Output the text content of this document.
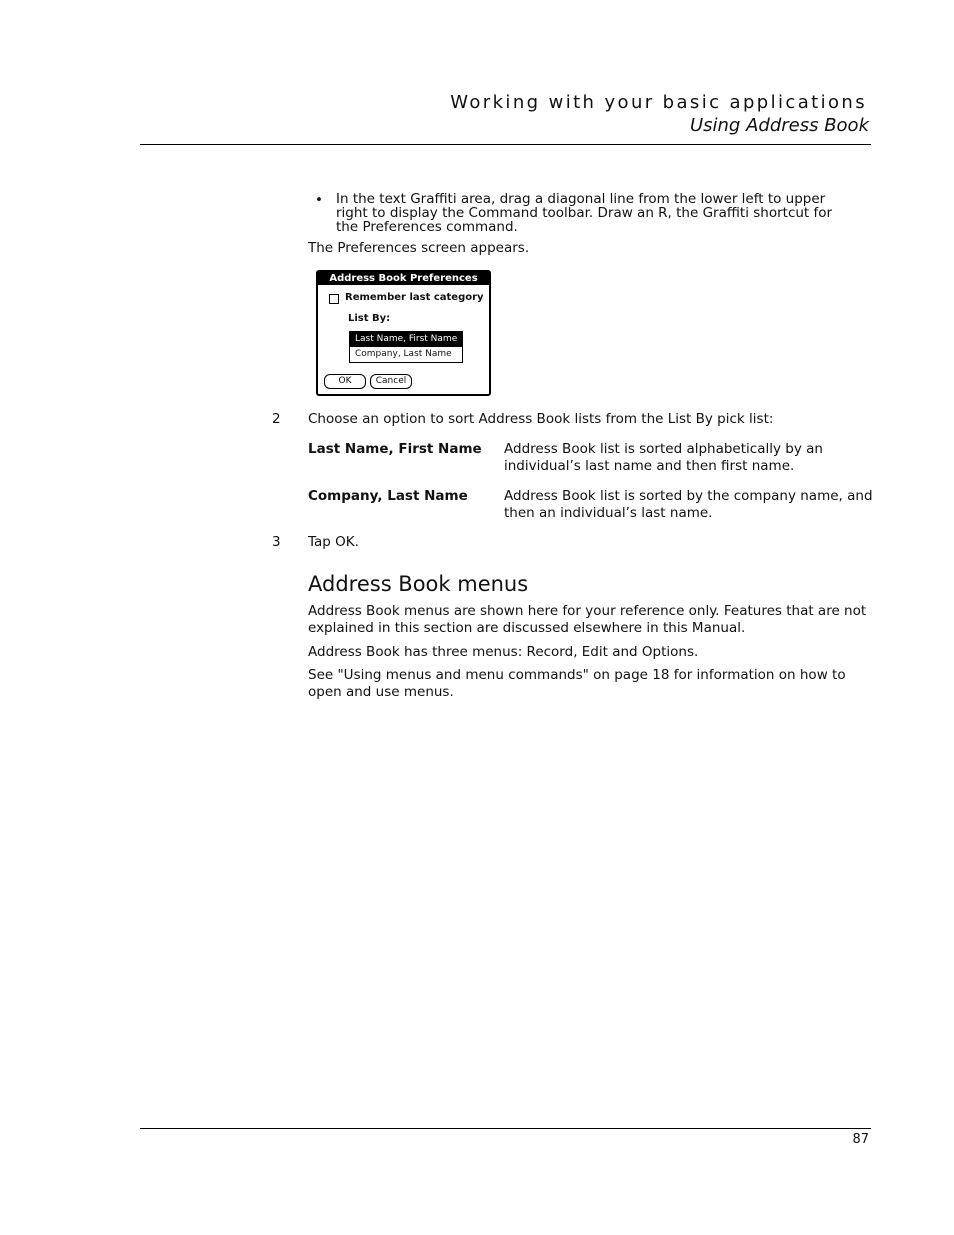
Working with your basic applications
Using Address Book
• In the text Graffiti area, drag a diagonal line from the lower left to upper right to display the Command toolbar. Draw an R, the Graffiti shortcut for the Preferences command.
The Preferences screen appears.
Address Book Preferences
Remember last category
List By:
Last Name, First Name
Company, Last Name
OK	Cancel
2 Choose an option to sort Address Book lists from the List By pick list:
Last Name, First Name Address Book list is sorted alphabetically by an individual’s last name and then first name.
Company, Last Name	Address Book list is sorted by the company name, and then an individual’s last name.
3 Tap OK.
Address Book menus
Address Book menus are shown here for your reference only. Features that are not explained in this section are discussed elsewhere in this Manual.
Address Book has three menus: Record, Edit and Options.
See "Using menus and menu commands" on page 18 for information on how to open and use menus.
87
